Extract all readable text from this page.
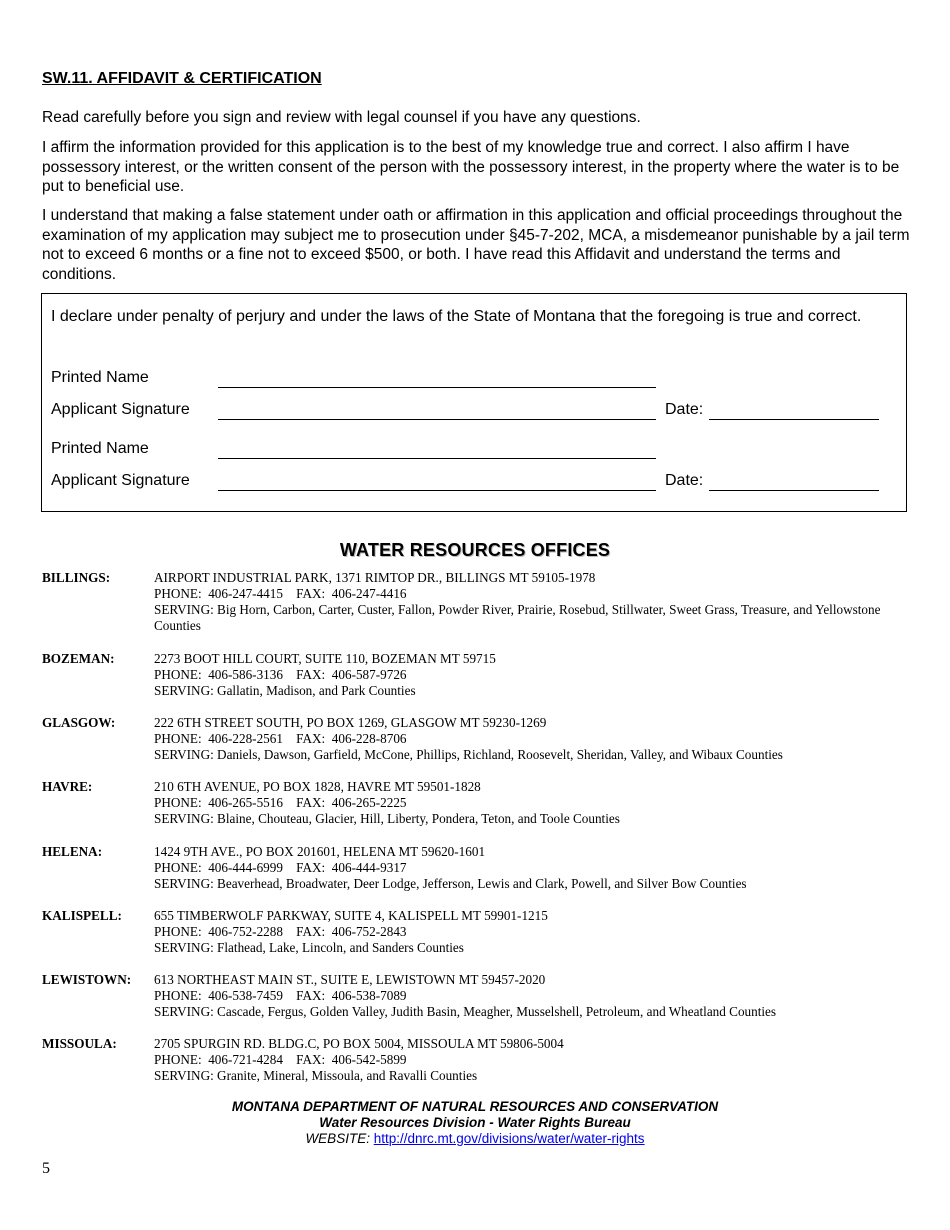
SW.11. AFFIDAVIT & CERTIFICATION
Read carefully before you sign and review with legal counsel if you have any questions.
I affirm the information provided for this application is to the best of my knowledge true and correct. I also affirm I have possessory interest, or the written consent of the person with the possessory interest, in the property where the water is to be put to beneficial use.
I understand that making a false statement under oath or affirmation in this application and official proceedings throughout the examination of my application may subject me to prosecution under §45-7-202, MCA, a misdemeanor punishable by a jail term not to exceed 6 months or a fine not to exceed $500, or both. I have read this Affidavit and understand the terms and conditions.
I declare under penalty of perjury and under the laws of the State of Montana that the foregoing is true and correct.
Printed Name
Applicant Signature	Date:
Printed Name
Applicant Signature	Date:
WATER RESOURCES OFFICES
BILLINGS:	AIRPORT INDUSTRIAL PARK, 1371 RIMTOP DR., BILLINGS MT 59105-1978
PHONE:  406-247-4415    FAX:  406-247-4416
SERVING: Big Horn, Carbon, Carter, Custer, Fallon, Powder River, Prairie, Rosebud, Stillwater, Sweet Grass, Treasure, and Yellowstone Counties
BOZEMAN:	2273 BOOT HILL COURT, SUITE 110, BOZEMAN MT 59715
PHONE:  406-586-3136    FAX:  406-587-9726
SERVING: Gallatin, Madison, and Park Counties
GLASGOW:	222 6TH STREET SOUTH, PO BOX 1269, GLASGOW MT 59230-1269
PHONE:  406-228-2561    FAX:  406-228-8706
SERVING: Daniels, Dawson, Garfield, McCone, Phillips, Richland, Roosevelt, Sheridan, Valley, and Wibaux Counties
HAVRE:	210 6TH AVENUE, PO BOX 1828, HAVRE MT 59501-1828
PHONE:  406-265-5516    FAX:  406-265-2225
SERVING: Blaine, Chouteau, Glacier, Hill, Liberty, Pondera, Teton, and Toole Counties
HELENA:	1424 9TH AVE., PO BOX 201601, HELENA MT 59620-1601
PHONE:  406-444-6999    FAX:  406-444-9317
SERVING: Beaverhead, Broadwater, Deer Lodge, Jefferson, Lewis and Clark, Powell, and Silver Bow Counties
KALISPELL: 655 TIMBERWOLF PARKWAY, SUITE 4, KALISPELL MT 59901-1215
PHONE:  406-752-2288    FAX:  406-752-2843
SERVING: Flathead, Lake, Lincoln, and Sanders Counties
LEWISTOWN: 613 NORTHEAST MAIN ST., SUITE E, LEWISTOWN MT 59457-2020
PHONE:  406-538-7459    FAX:  406-538-7089
SERVING: Cascade, Fergus, Golden Valley, Judith Basin, Meagher, Musselshell, Petroleum, and Wheatland Counties
MISSOULA:	2705 SPURGIN RD. BLDG.C, PO BOX 5004, MISSOULA MT 59806-5004
PHONE:  406-721-4284    FAX:  406-542-5899
SERVING: Granite, Mineral, Missoula, and Ravalli Counties
MONTANA DEPARTMENT OF NATURAL RESOURCES AND CONSERVATION
Water Resources Division - Water Rights Bureau
WEBSITE: http://dnrc.mt.gov/divisions/water/water-rights
5
